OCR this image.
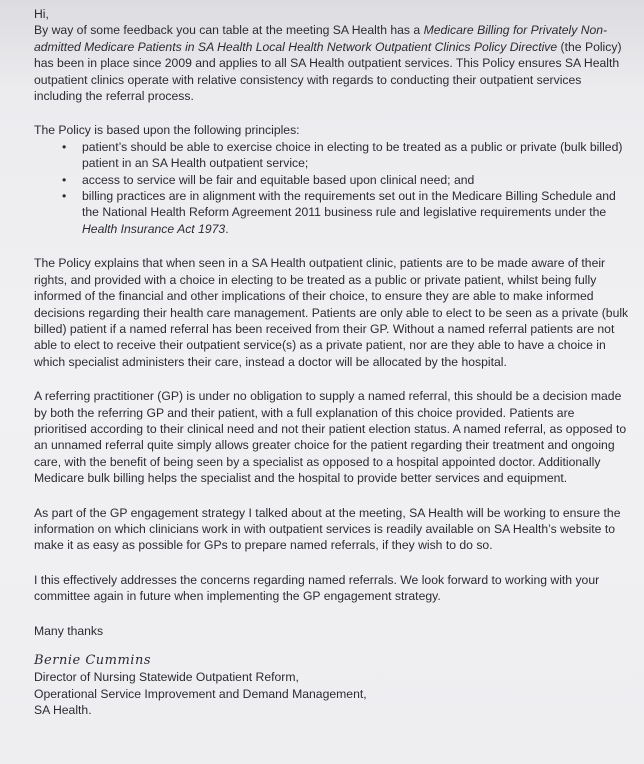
Hi,

By way of some feedback you can table at the meeting SA Health has a Medicare Billing for Privately Non-admitted Medicare Patients in SA Health Local Health Network Outpatient Clinics Policy Directive (the Policy) has been in place since 2009 and applies to all SA Health outpatient services. This Policy ensures SA Health outpatient clinics operate with relative consistency with regards to conducting their outpatient services including the referral process.

The Policy is based upon the following principles:

• patient’s should be able to exercise choice in electing to be treated as a public or private (bulk billed) patient in an SA Health outpatient service;
• access to service will be fair and equitable based upon clinical need; and
• billing practices are in alignment with the requirements set out in the Medicare Billing Schedule and the National Health Reform Agreement 2011 business rule and legislative requirements under the Health Insurance Act 1973.

The Policy explains that when seen in a SA Health outpatient clinic, patients are to be made aware of their rights, and provided with a choice in electing to be treated as a public or private patient, whilst being fully informed of the financial and other implications of their choice, to ensure they are able to make informed decisions regarding their health care management. Patients are only able to elect to be seen as a private (bulk billed) patient if a named referral has been received from their GP. Without a named referral patients are not able to elect to receive their outpatient service(s) as a private patient, nor are they able to have a choice in which specialist administers their care, instead a doctor will be allocated by the hospital.

A referring practitioner (GP) is under no obligation to supply a named referral, this should be a decision made by both the referring GP and their patient, with a full explanation of this choice provided. Patients are prioritised according to their clinical need and not their patient election status. A named referral, as opposed to an unnamed referral quite simply allows greater choice for the patient regarding their treatment and ongoing care, with the benefit of being seen by a specialist as opposed to a hospital appointed doctor. Additionally Medicare bulk billing helps the specialist and the hospital to provide better services and equipment.

As part of the GP engagement strategy I talked about at the meeting, SA Health will be working to ensure the information on which clinicians work in with outpatient services is readily available on SA Health’s website to make it as easy as possible for GPs to prepare named referrals, if they wish to do so.

I this effectively addresses the concerns regarding named referrals. We look forward to working with your committee again in future when implementing the GP engagement strategy.

Many thanks

Bernie Cummins

Director of Nursing Statewide Outpatient Reform,

Operational Service Improvement and Demand Management,

SA Health.
